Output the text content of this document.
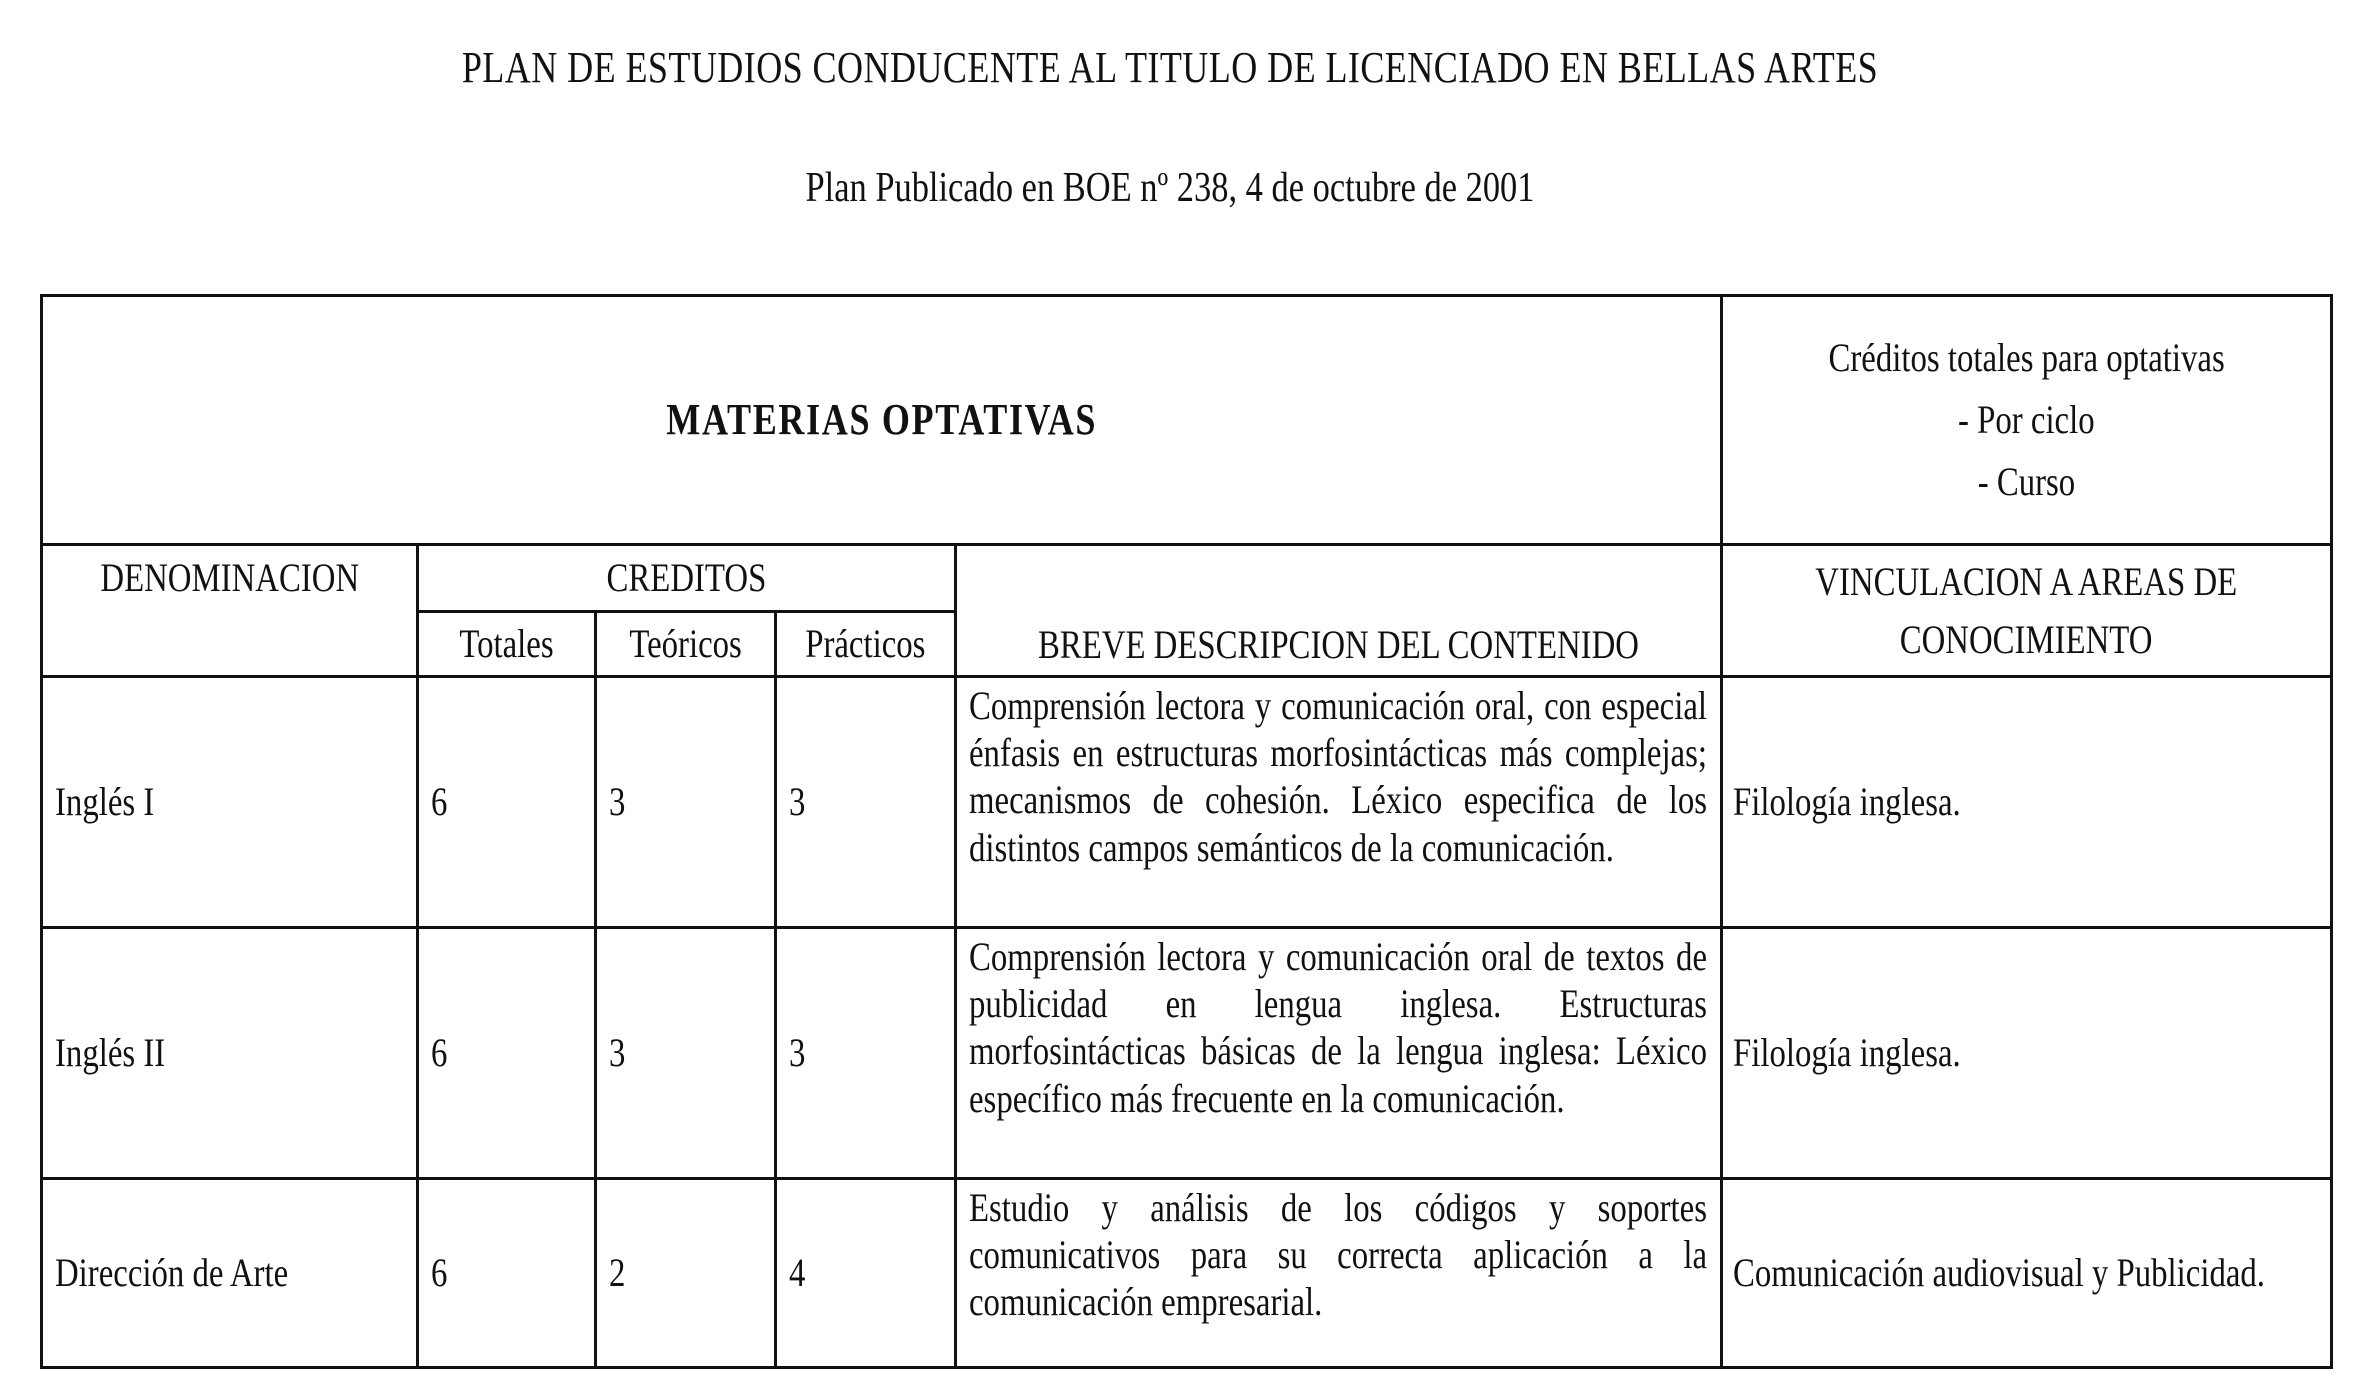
PLAN DE ESTUDIOS CONDUCENTE AL TITULO DE LICENCIADO EN BELLAS ARTES
Plan Publicado en BOE nº 238, 4 de octubre de 2001
MATERIAS OPTATIVAS					Créditos totales para optativas
- Por ciclo
- Curso

DENOMINACION	CREDITOS			BREVE DESCRIPCION DEL CONTENIDO	VINCULACION A AREAS DE
CONOCIMIENTO

	Totales	Teóricos	Prácticos		
Inglés I	6	3	3	Comprensión lectora y comunicación oral, con especial énfasis en estructuras morfosintácticas más complejas; mecanismos de cohesión. Léxico especifica de los distintos campos semánticos de la comunicación.	Filología inglesa.
Inglés II	6	3	3	Comprensión lectora y comunicación oral de textos de publicidad en lengua inglesa. Estructuras morfosintácticas básicas de la lengua inglesa: Léxico específico más frecuente en la comunicación.	Filología inglesa.
Dirección de Arte	6	2	4	Estudio y análisis de los códigos y soportes comunicativos para su correcta aplicación a la comunicación empresarial.	Comunicación audiovisual y Publicidad.
